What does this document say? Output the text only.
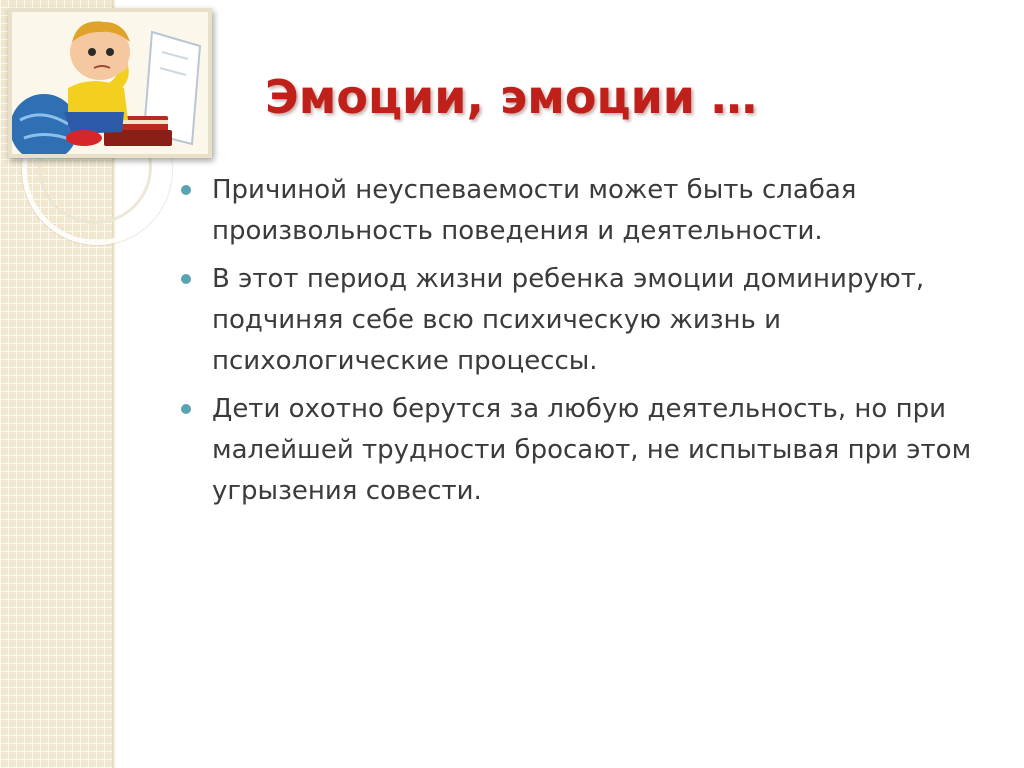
Эмоции, эмоции …
Причиной неуспеваемости может быть слабая произвольность поведения и деятельности.
В этот период жизни ребенка эмоции доминируют, подчиняя себе всю психическую жизнь и психологические процессы.
Дети охотно берутся за любую деятельность, но при малейшей трудности бросают, не испытывая при этом угрызения совести.
